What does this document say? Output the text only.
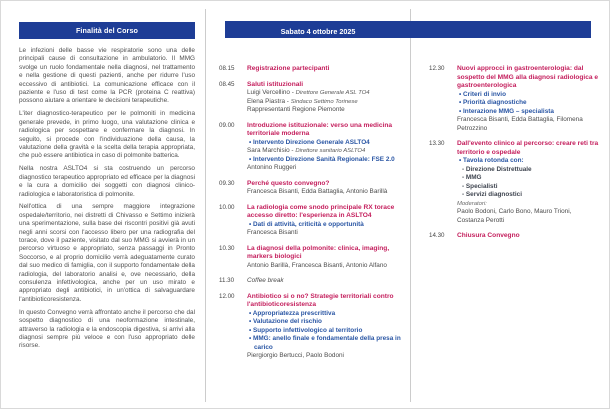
Finalità del Corso

Le infezioni delle basse vie respiratorie sono una delle principali cause di consultazione in ambulatorio. Il MMG svolge un ruolo fondamentale nella diagnosi, nel trattamento e nella gestione di questi pazienti, anche per ridurre l'uso eccessivo di antibiotici. La comunicazione efficace con il paziente e l'uso di test come la PCR (proteina C reattiva) possono aiutare a orientare le decisioni terapeutiche.

L'iter diagnostico-terapeutico per le polmoniti in medicina generale prevede, in primo luogo, una valutazione clinica e radiologica per sospettare e confermare la diagnosi. In seguito, si procede con l'individuazione della causa, la valutazione della gravità e la scelta della terapia appropriata, che può essere antibiotica in caso di polmonite batterica.

Nella nostra ASLTO4 si sta costruendo un percorso diagnostico terapeutico appropriato ed efficace per la diagnosi e la cura a domicilio dei soggetti con diagnosi clinico-radiologica e laboratoristica di polmonite.

Nell'ottica di una sempre maggiore integrazione ospedale/territorio, nei distretti di Chivasso e Settimo inizierà una sperimentazione, sulla base dei riscontri positivi già avuti negli anni scorsi con l'accesso libero per una radiografia del torace, dove il paziente, visitato dal suo MMG si avvierà in un percorso virtuoso e appropriato, senza passaggi in Pronto Soccorso, e al proprio domicilio verrà adeguatamente curato dal suo medico di famiglia, con il supporto fondamentale della radiologia, del laboratorio analisi e, ove necessario, della consulenza infettivologica, anche per un uso mirato e appropriato degli antibiotici, in un'ottica di salvaguardare l'antibioticoresistenza.

In questo Convegno verrà affrontato anche il percorso che dal sospetto diagnostico di una neoformazione intestinale, attraverso la radiologia e la endoscopia digestiva, si arrivi alla diagnosi sempre più veloce e con l'uso appropriato delle risorse.

Sabato 4 ottobre 2025
08.15	Registrazione partecipanti
08.45	Saluti istituzionali
Luigi Vercellino - Direttore Generale ASL TO4
Elena Piastra - Sindaco Settimo Torinese
Rappresentanti Regione Piemonte
09.00	Introduzione istituzionale: verso una medicina territoriale moderna
• Intervento Direzione Generale ASLTO4
Sara Marchisio - Direttore sanitario ASLTO4
• Intervento Direzione Sanità Regionale: FSE 2.0
Antonino Ruggeri
09.30	Perché questo convegno?
Francesca Bisanti, Edda Battaglia, Antonio Barillà
10.00	La radiologia come snodo principale RX torace accesso diretto: l'esperienza in ASLTO4
• Dati di attività, criticità e opportunità
Francesca Bisanti
10.30	La diagnosi della polmonite: clinica, imaging, markers biologici
Antonio Barillà, Francesca Bisanti, Antonio Alfano
11.30	Coffee break
12.00	Antibiotico si o no? Strategie territoriali contro l'antibioticoresistenza
• Appropriatezza prescrittiva
• Valutazione del rischio
• Supporto infettivologico al territorio
• MMG: anello finale e fondamentale della presa in carico
Piergiorgio Bertucci, Paolo Bodoni
12.30	Nuovi approcci in gastroenterologia: dal sospetto del MMG alla diagnosi radiologica e gastroenterologica
• Criteri di invio
• Priorità diagnostiche
• Interazione MMG – specialista
Francesca Bisanti, Edda Battaglia, Filomena Petrozzino
13.30	Dall'evento clinico al percorso: creare reti tra territorio e ospedale
• Tavola rotonda con:
- Direzione Distrettuale
- MMG
- Specialisti
- Servizi diagnostici
Moderatori:
Paolo Bodoni, Carlo Bono, Mauro Trioni, Costanza Perotti
14.30	Chiusura Convegno
